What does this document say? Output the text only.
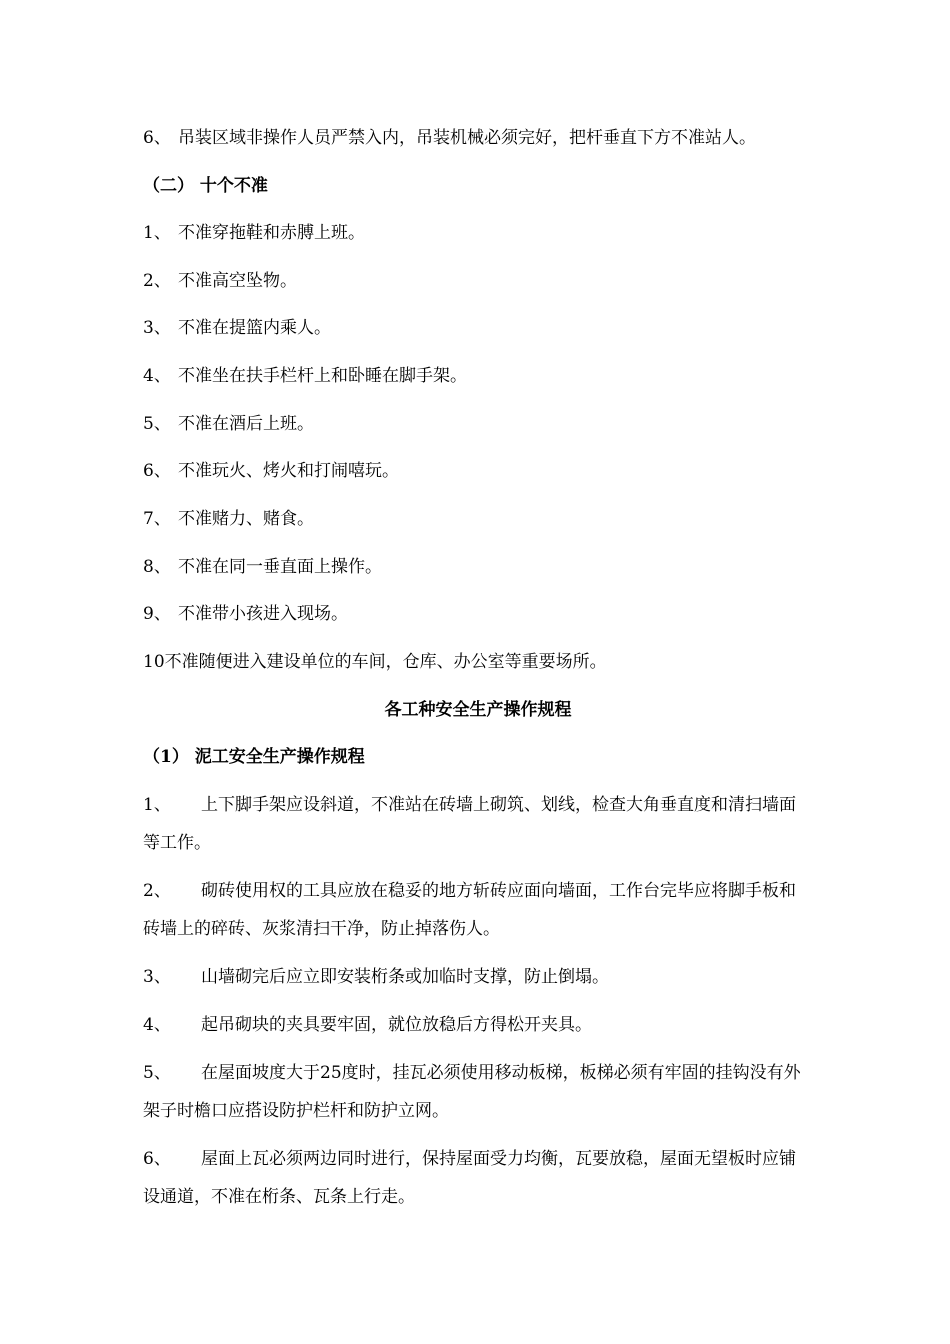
6、 吊装区域非操作人员严禁入内，吊装机械必须完好，把杆垂直下方不准站人。
（二） 十个不准
1、 不准穿拖鞋和赤膊上班。
2、 不准高空坠物。
3、 不准在提篮内乘人。
4、 不准坐在扶手栏杆上和卧睡在脚手架。
5、 不准在酒后上班。
6、 不准玩火、烤火和打闹嘻玩。
7、 不准赌力、赌食。
8、 不准在同一垂直面上操作。
9、 不准带小孩进入现场。
10不准随便进入建设单位的车间，仓库、办公室等重要场所。
各工种安全生产操作规程
（1） 泥工安全生产操作规程
1、 上下脚手架应设斜道，不准站在砖墙上砌筑、划线，检查大角垂直度和清扫墙面等工作。
2、 砌砖使用权的工具应放在稳妥的地方斩砖应面向墙面，工作台完毕应将脚手板和砖墙上的碎砖、灰浆清扫干净，防止掉落伤人。
3、 山墙砌完后应立即安装桁条或加临时支撑，防止倒塌。
4、 起吊砌块的夹具要牢固，就位放稳后方得松开夹具。
5、 在屋面坡度大于25度时，挂瓦必须使用移动板梯，板梯必须有牢固的挂钩没有外架子时檐口应搭设防护栏杆和防护立网。
6、 屋面上瓦必须两边同时进行，保持屋面受力均衡，瓦要放稳，屋面无望板时应铺设通道，不准在桁条、瓦条上行走。
